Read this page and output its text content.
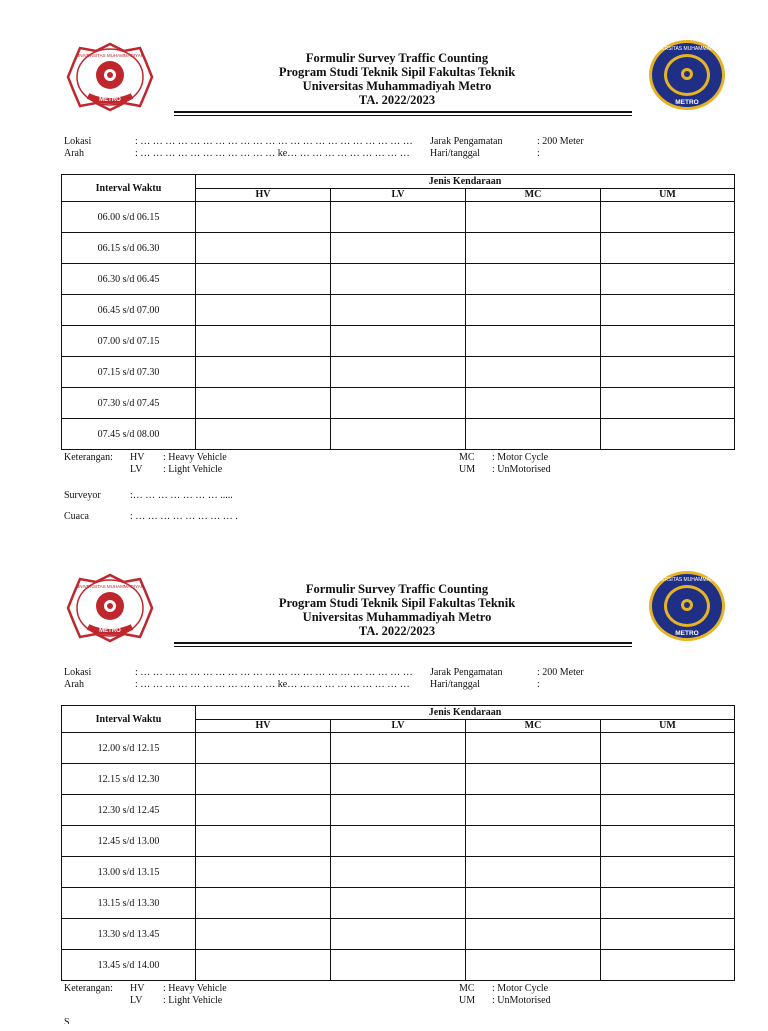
METRO
UNIVERSITAS MUHAMMADIYAH	Formulir Survey Traffic Counting
Program Studi Teknik Sipil Fakultas Teknik
Universitas Muhammadiyah Metro
TA. 2022/2023
UNIVERSITAS MUHAMMADIYAH
METRO
Lokasi	: … … … … … … … … … … … … … … … … … … … … … …
Arah	: … … … … … … … … … … … ke… … … … … … … … … …
Jarak Pengamatan	: 200 Meter
Hari/tanggal	:
Interval Waktu	Jenis Kendaraan			
	HV	LV	MC	UM
06.00 s/d 06.15				
06.15 s/d 06.30				
06.30 s/d 06.45				
06.45 s/d 07.00				
07.00 s/d 07.15				
07.15 s/d 07.30				
07.30 s/d 07.45				
07.45 s/d 08.00				
Keterangan: HV : Heavy Vehicle
LV : Light Vehicle
MC : Motor Cycle
UM : UnMotorised
Surveyor	:… … … … … … … .....
Cuaca	: … … … … … … … … .
METRO
UNIVERSITAS MUHAMMADIYAH	Formulir Survey Traffic Counting
Program Studi Teknik Sipil Fakultas Teknik
Universitas Muhammadiyah Metro
TA. 2022/2023
UNIVERSITAS MUHAMMADIYAH
METRO
Lokasi	: … … … … … … … … … … … … … … … … … … … … … …
Arah	: … … … … … … … … … … … ke… … … … … … … … … …
Jarak Pengamatan	: 200 Meter
Hari/tanggal	:
Interval Waktu	Jenis Kendaraan			
	HV	LV	MC	UM
12.00 s/d 12.15				
12.15 s/d 12.30				
12.30 s/d 12.45				
12.45 s/d 13.00				
13.00 s/d 13.15				
13.15 s/d 13.30				
13.30 s/d 13.45				
13.45 s/d 14.00				
Keterangan: HV : Heavy Vehicle
LV : Light Vehicle
MC : Motor Cycle
UM : UnMotorised
S
